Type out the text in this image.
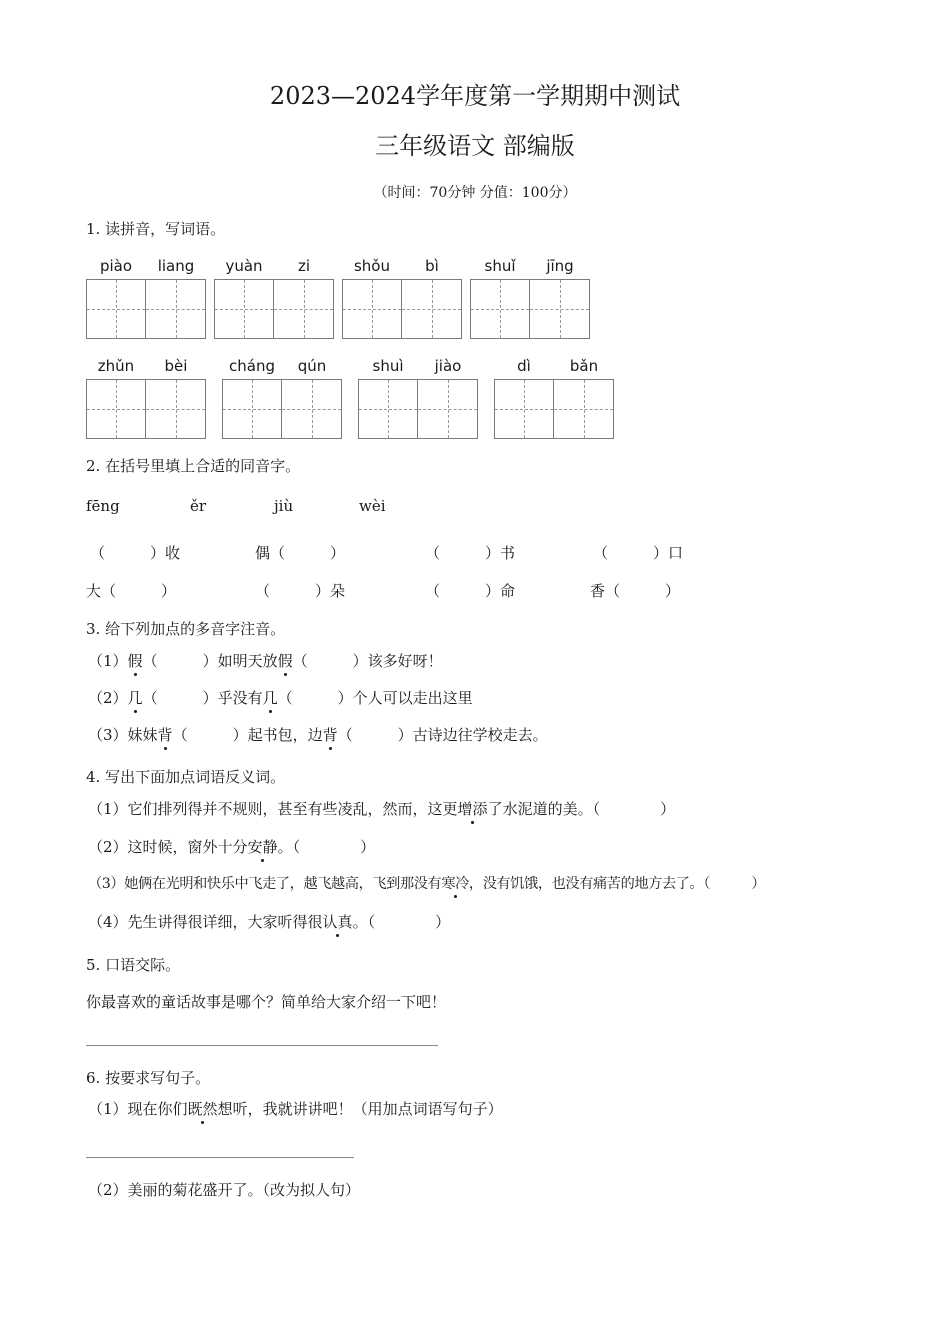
2023—2024学年度第一学期期中测试
三年级语文 部编版
（时间：70分钟 分值：100分）
1. 读拼音，写词语。
piào	liang	yuàn	zi	shǒu	bì	shuǐ	jīng
zhǔn	bèi	cháng	qún	shuì	jiào	dì	bǎn
2. 在括号里填上合适的同音字。
fēng	ěr	jiù	wèi
（　　　）收	偶（　　　）	（　　　）书	（　　　）口
大（　　　）	（　　　）朵	（　　　）命	香（　　　）
3. 给下列加点的多音字注音。
（1）假（　　　）如明天放假（　　　）该多好呀！
（2）几（　　　）乎没有几（　　　）个人可以走出这里
（3）妹妹背（　　　）起书包，边背（　　　）古诗边往学校走去。
4. 写出下面加点词语反义词。
（1）它们排列得并不规则，甚至有些凌乱，然而，这更增添了水泥道的美。（　　　　）
（2）这时候，窗外十分安静。（　　　　）
（3）她俩在光明和快乐中飞走了，越飞越高，飞到那没有寒冷，没有饥饿，也没有痛苦的地方去了。（　　　）
（4）先生讲得很详细，大家听得很认真。（　　　　）
5. 口语交际。
你最喜欢的童话故事是哪个？简单给大家介绍一下吧！
6. 按要求写句子。
（1）现在你们既然想听，我就讲讲吧！（用加点词语写句子）
（2）美丽的菊花盛开了。（改为拟人句）
